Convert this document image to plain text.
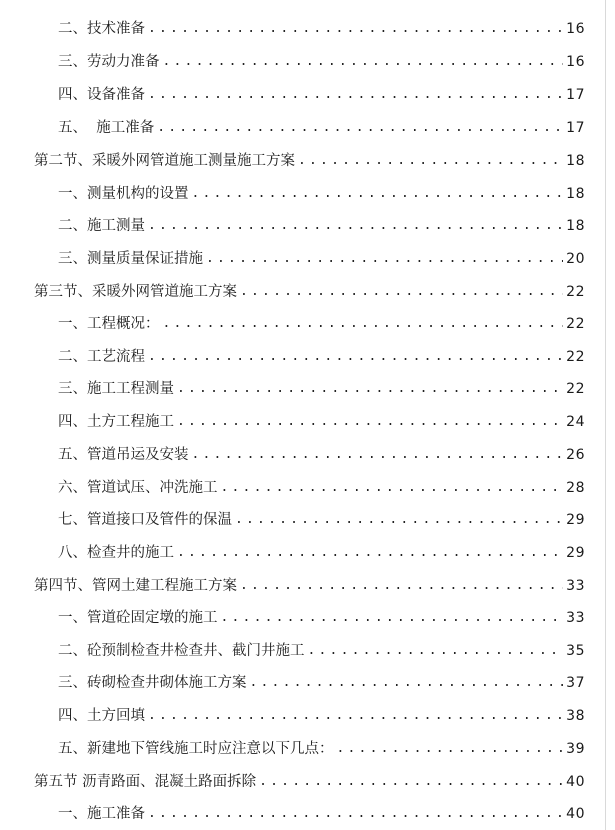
二、技术准备 .....	16
三、劳动力准备 .....	16
四、设备准备 .....	17
五、  施工准备 .....	17
第二节、采暖外网管道施工测量施工方案 .....	18
一、测量机构的设置 .....	18
二、施工测量 .....	18
三、测量质量保证措施 .....	20
第三节、采暖外网管道施工方案 .....	22
一、工程概况： .....	22
二、工艺流程 .....	22
三、施工工程测量 .....	22
四、土方工程施工 .....	24
五、管道吊运及安装 .....	26
六、管道试压、冲洗施工 .....	28
七、管道接口及管件的保温 .....	29
八、检查井的施工 .....	29
第四节、管网土建工程施工方案 .....	33
一、管道砼固定墩的施工 .....	33
二、砼预制检查井检查井、截门井施工 .....	35
三、砖砌检查井砌体施工方案 .....	37
四、土方回填 .....	38
五、新建地下管线施工时应注意以下几点： .....	39
第五节 沥青路面、混凝土路面拆除 .....	40
一、施工准备 .....	40
